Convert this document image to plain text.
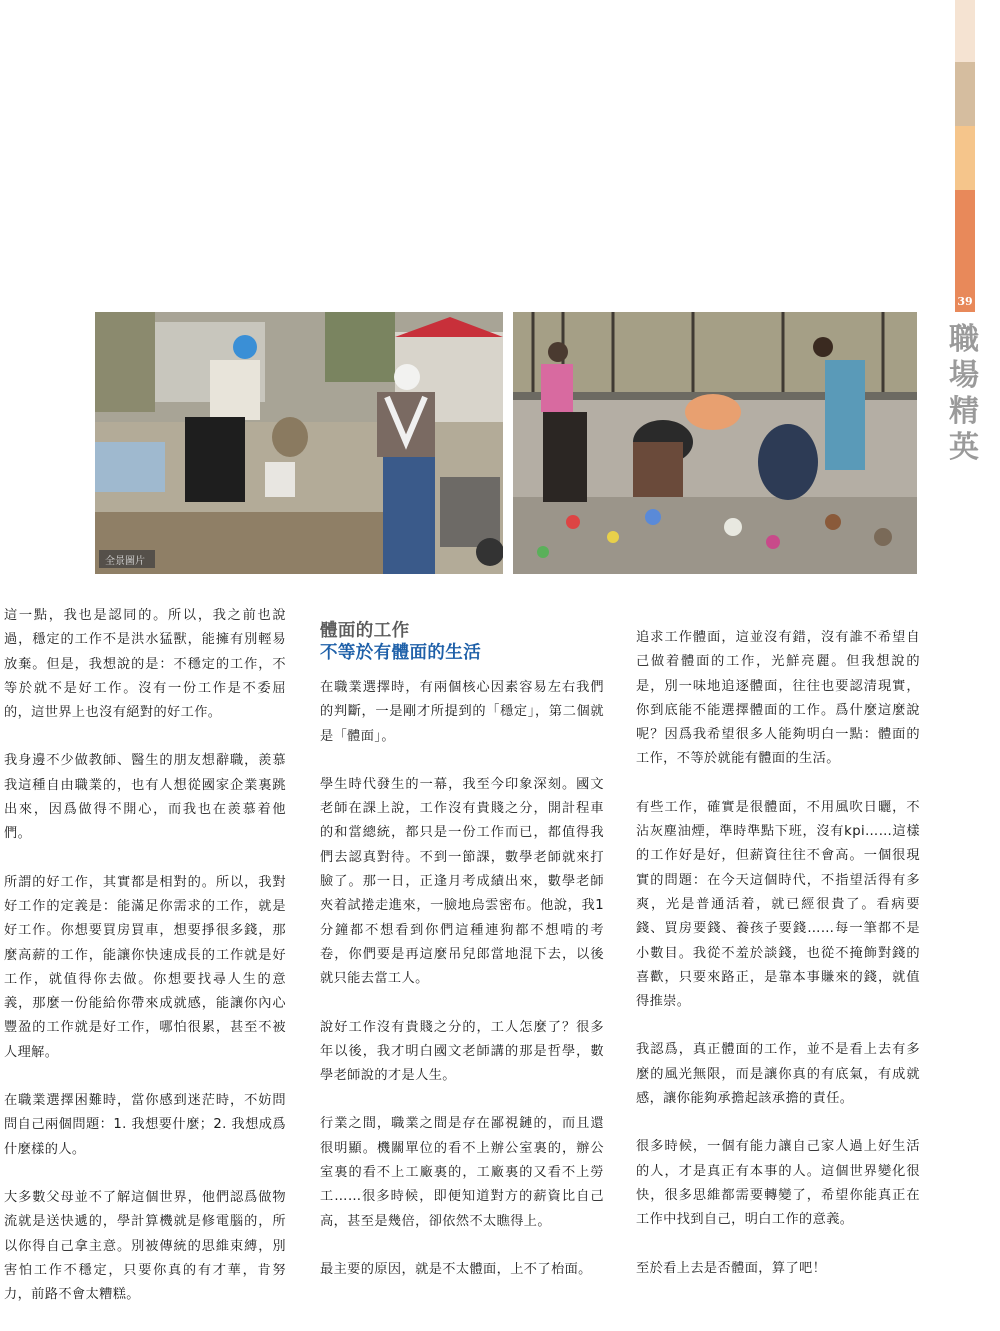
39
職
場
精
英
全景圖片

這一點，我也是認同的。所以，我之前也說過，穩定的工作不是洪水猛獸，能擁有別輕易放棄。但是，我想說的是：不穩定的工作，不等於就不是好工作。沒有一份工作是不委屈的，這世界上也沒有絕對的好工作。

我身邊不少做教師、醫生的朋友想辭職，羨慕我這種自由職業的，也有人想從國家企業裏跳出來，因爲做得不開心，而我也在羨慕着他們。

所謂的好工作，其實都是相對的。所以，我對好工作的定義是：能滿足你需求的工作，就是好工作。你想要買房買車，想要掙很多錢，那麼高薪的工作，能讓你快速成長的工作就是好工作，就值得你去做。你想要找尋人生的意義，那麼一份能給你帶來成就感，能讓你內心豐盈的工作就是好工作，哪怕很累，甚至不被人理解。

在職業選擇困難時，當你感到迷茫時，不妨問問自己兩個問題：1. 我想要什麼；2. 我想成爲什麼樣的人。

大多數父母並不了解這個世界，他們認爲做物流就是送快遞的，學計算機就是修電腦的，所以你得自己拿主意。別被傳統的思維束縛，別害怕工作不穩定，只要你真的有才華，肯努力，前路不會太糟糕。

體面的工作
不等於有體面的生活

在職業選擇時，有兩個核心因素容易左右我們的判斷，一是剛才所提到的「穩定」，第二個就是「體面」。

學生時代發生的一幕，我至今印象深刻。國文老師在課上說，工作沒有貴賤之分，開計程車的和當總統，都只是一份工作而已，都值得我們去認真對待。不到一節課，數學老師就來打臉了。那一日，正逢月考成績出來，數學老師夾着試捲走進來，一臉地烏雲密布。他說，我1分鐘都不想看到你們這種連狗都不想啃的考卷，你們要是再這麼吊兒郎當地混下去，以後就只能去當工人。

說好工作沒有貴賤之分的，工人怎麼了？很多年以後，我才明白國文老師講的那是哲學，數學老師說的才是人生。

行業之間，職業之間是存在鄙視鏈的，而且還很明顯。機關單位的看不上辦公室裏的，辦公室裏的看不上工廠裏的，工廠裏的又看不上勞工……很多時候，即便知道對方的薪資比自己高，甚至是幾倍，卻依然不太瞧得上。

最主要的原因，就是不太體面，上不了枱面。

追求工作體面，這並沒有錯，沒有誰不希望自己做着體面的工作，光鮮亮麗。但我想說的是，別一味地追逐體面，往往也要認清現實，你到底能不能選擇體面的工作。爲什麼這麼說呢？因爲我希望很多人能夠明白一點：體面的工作，不等於就能有體面的生活。

有些工作，確實是很體面，不用風吹日曬，不沾灰塵油煙，準時準點下班，沒有kpi……這樣的工作好是好，但薪資往往不會高。一個很現實的問題：在今天這個時代，不指望活得有多爽，光是普通活着，就已經很貴了。看病要錢、買房要錢、養孩子要錢……每一筆都不是小數目。我從不羞於談錢，也從不掩飾對錢的喜歡，只要來路正，是靠本事賺來的錢，就值得推崇。

我認爲，真正體面的工作，並不是看上去有多麼的風光無限，而是讓你真的有底氣，有成就感，讓你能夠承擔起該承擔的責任。

很多時候，一個有能力讓自己家人過上好生活的人，才是真正有本事的人。這個世界變化很快，很多思維都需要轉變了，希望你能真正在工作中找到自己，明白工作的意義。

至於看上去是否體面，算了吧！
